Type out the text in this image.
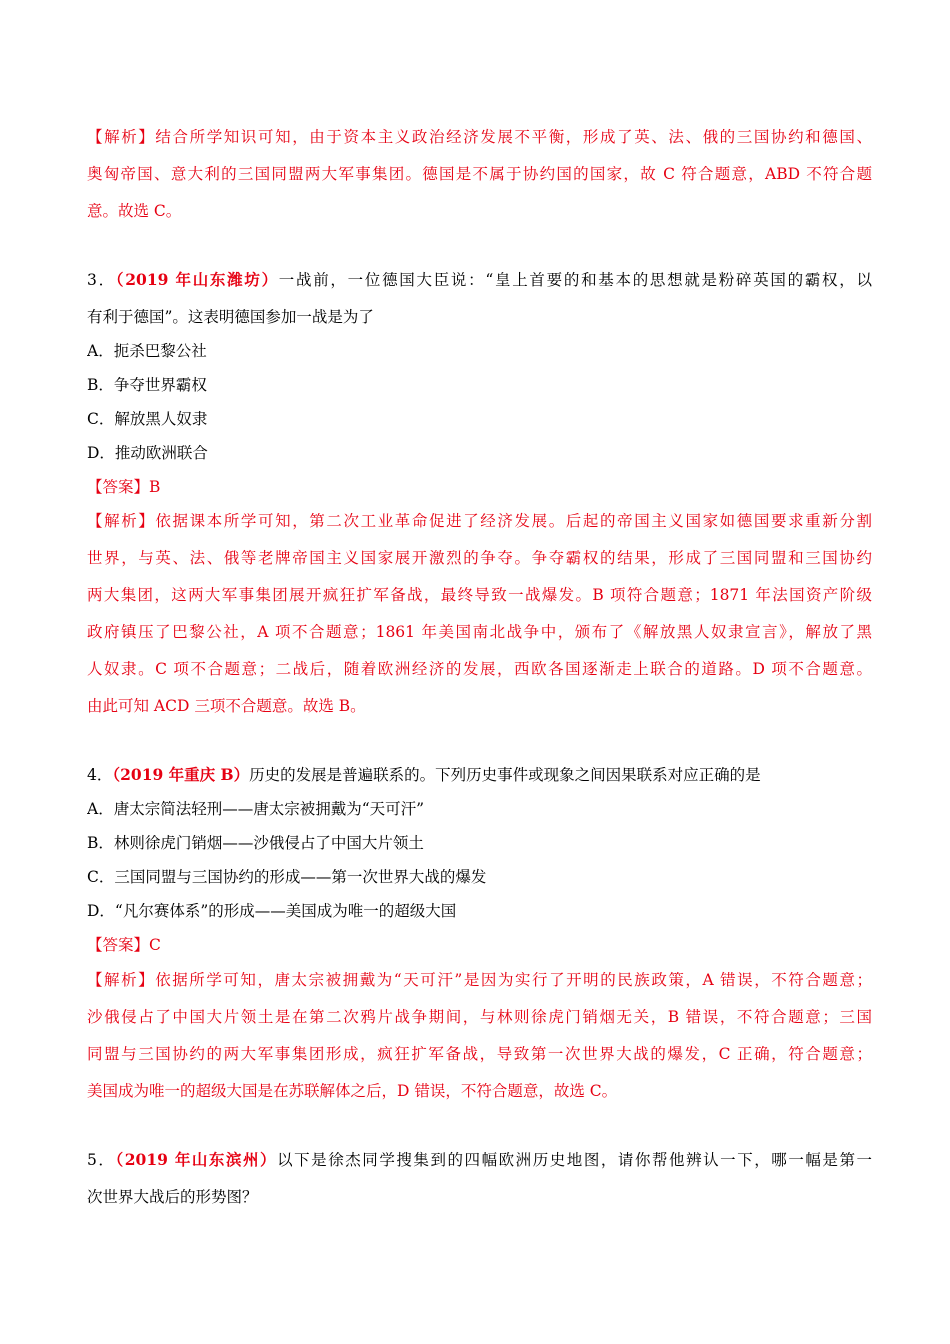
【解析】结合所学知识可知，由于资本主义政治经济发展不平衡，形成了英、法、俄的三国协约和德国、
奥匈帝国、意大利的三国同盟两大军事集团。德国是不属于协约国的国家，故 C 符合题意，ABD 不符合题
意。故选 C。
3．（2019 年山东潍坊）一战前，一位德国大臣说：“皇上首要的和基本的思想就是粉碎英国的霸权，以
有利于德国”。这表明德国参加一战是为了
A．扼杀巴黎公社
B．争夺世界霸权
C．解放黑人奴隶
D．推动欧洲联合
【答案】B
【解析】依据课本所学可知，第二次工业革命促进了经济发展。后起的帝国主义国家如德国要求重新分割
世界，与英、法、俄等老牌帝国主义国家展开激烈的争夺。争夺霸权的结果，形成了三国同盟和三国协约
两大集团，这两大军事集团展开疯狂扩军备战，最终导致一战爆发。B 项符合题意；1871 年法国资产阶级
政府镇压了巴黎公社，A 项不合题意；1861 年美国南北战争中，颁布了《解放黑人奴隶宣言》，解放了黑
人奴隶。C 项不合题意；二战后，随着欧洲经济的发展，西欧各国逐渐走上联合的道路。D 项不合题意。
由此可知 ACD 三项不合题意。故选 B。
4．（2019 年重庆 B）历史的发展是普遍联系的。下列历史事件或现象之间因果联系对应正确的是
A．唐太宗简法轻刑——唐太宗被拥戴为“天可汗”
B．林则徐虎门销烟——沙俄侵占了中国大片领土
C．三国同盟与三国协约的形成——第一次世界大战的爆发
D．“凡尔赛体系”的形成——美国成为唯一的超级大国
【答案】C
【解析】依据所学可知，唐太宗被拥戴为“天可汗”是因为实行了开明的民族政策，A 错误，不符合题意；
沙俄侵占了中国大片领土是在第二次鸦片战争期间，与林则徐虎门销烟无关，B 错误，不符合题意；三国
同盟与三国协约的两大军事集团形成，疯狂扩军备战，导致第一次世界大战的爆发，C 正确，符合题意；
美国成为唯一的超级大国是在苏联解体之后，D 错误，不符合题意，故选 C。
5．（2019 年山东滨州）以下是徐杰同学搜集到的四幅欧洲历史地图，请你帮他辨认一下，哪一幅是第一
次世界大战后的形势图？
